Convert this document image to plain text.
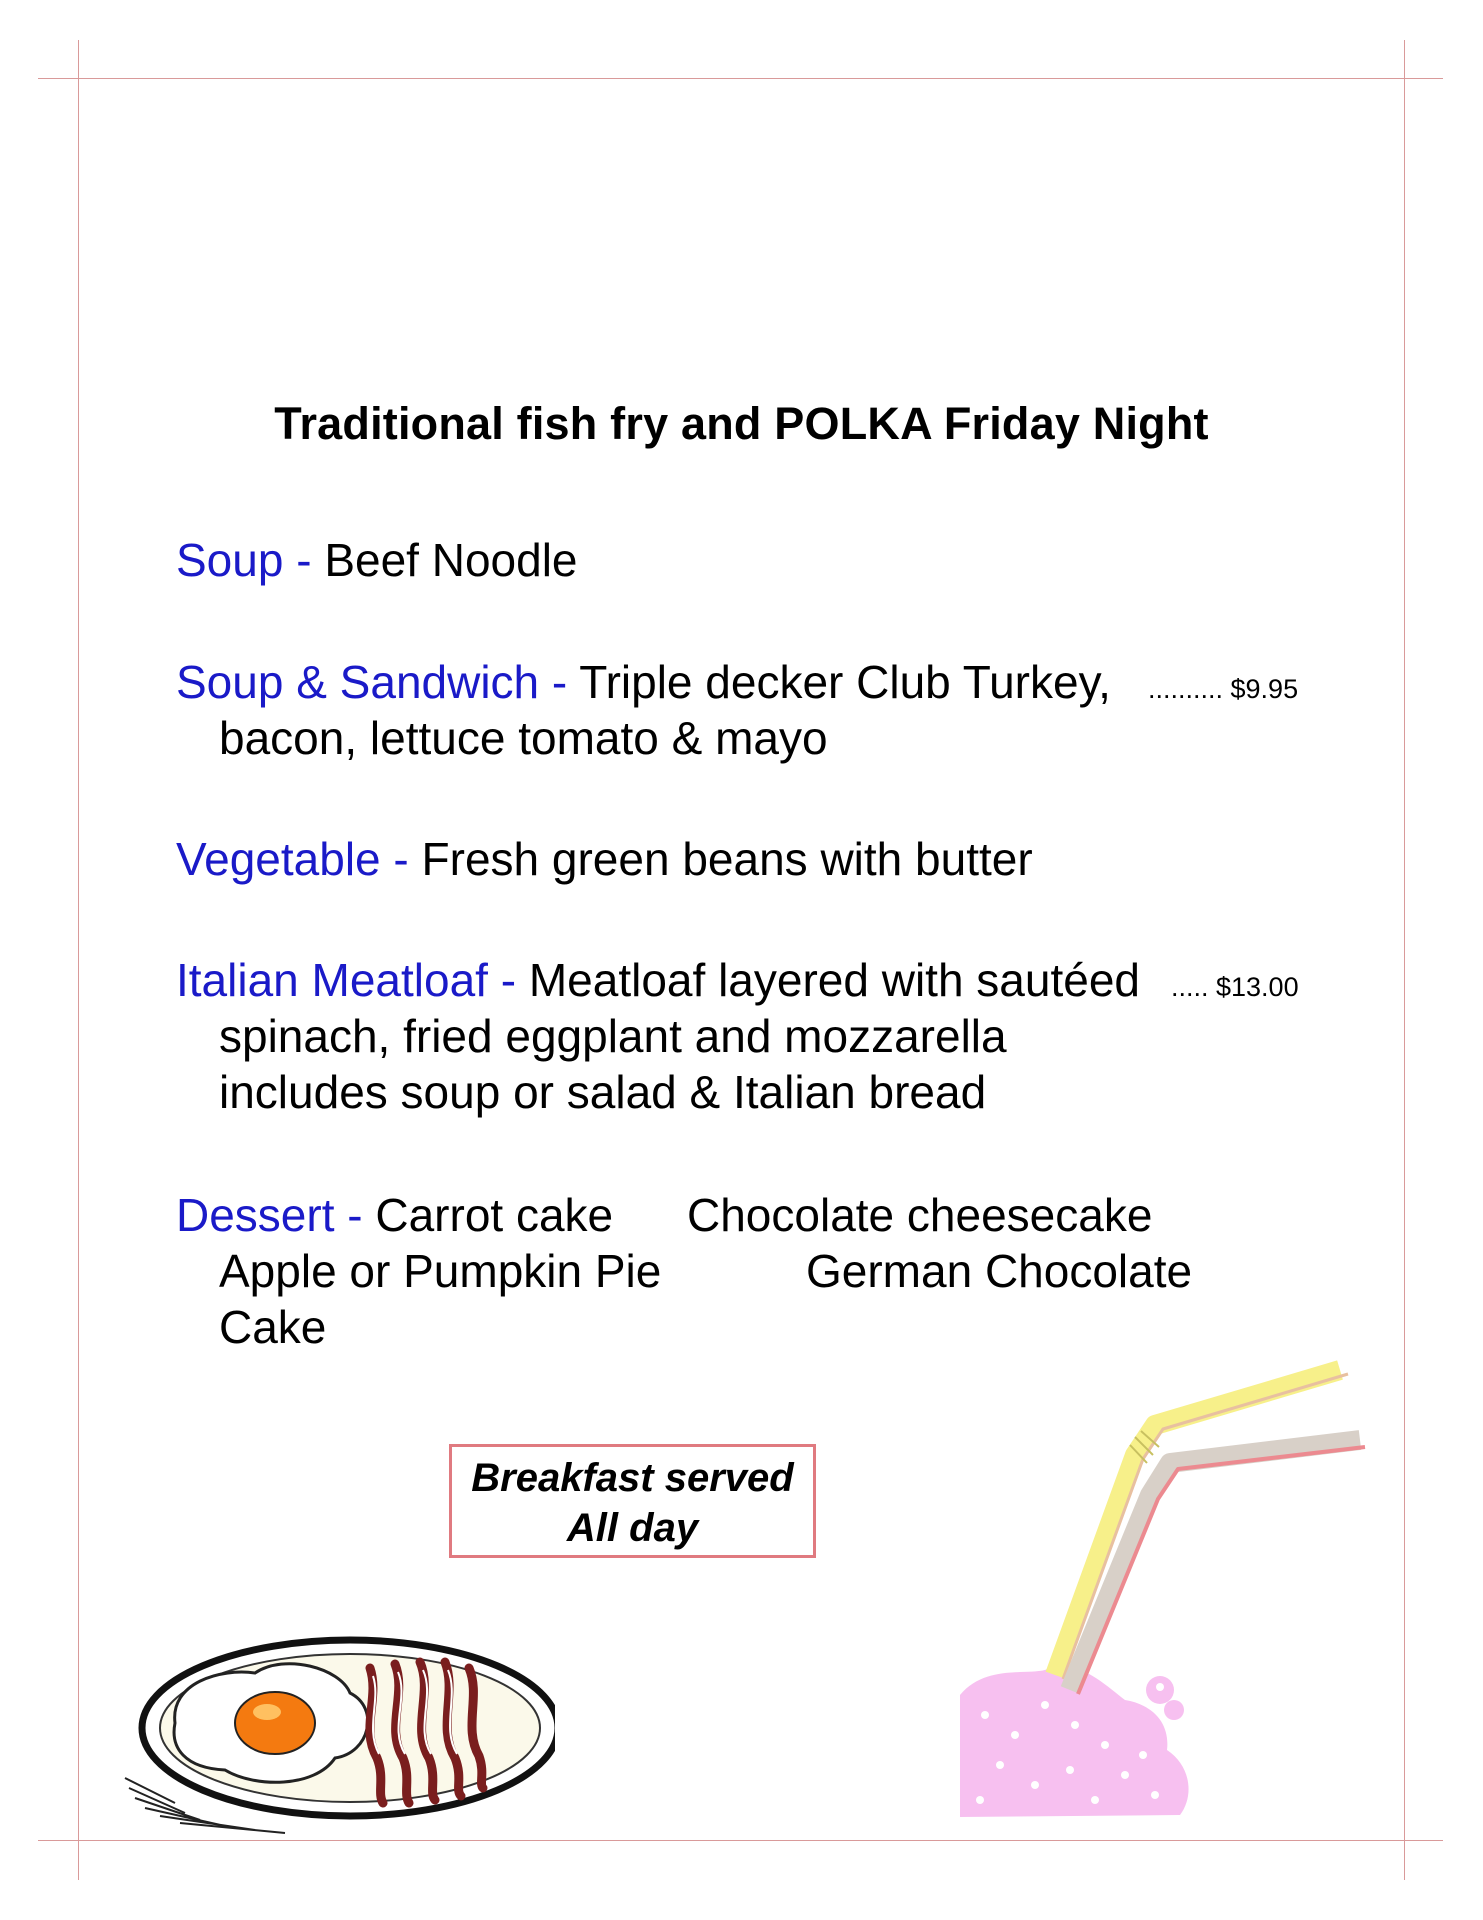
Traditional fish fry and POLKA Friday Night
Soup - Beef Noodle
Soup & Sandwich - Triple decker Club Turkey, .......... $9.95
bacon, lettuce tomato & mayo
Vegetable - Fresh green beans with butter
Italian Meatloaf - Meatloaf layered with sautéed ..... $13.00
spinach, fried eggplant and mozzarella
includes soup or salad & Italian bread
Dessert - Carrot cake Chocolate cheesecake
Apple or Pumpkin Pie	German Chocolate
Cake
Breakfast served
All day
